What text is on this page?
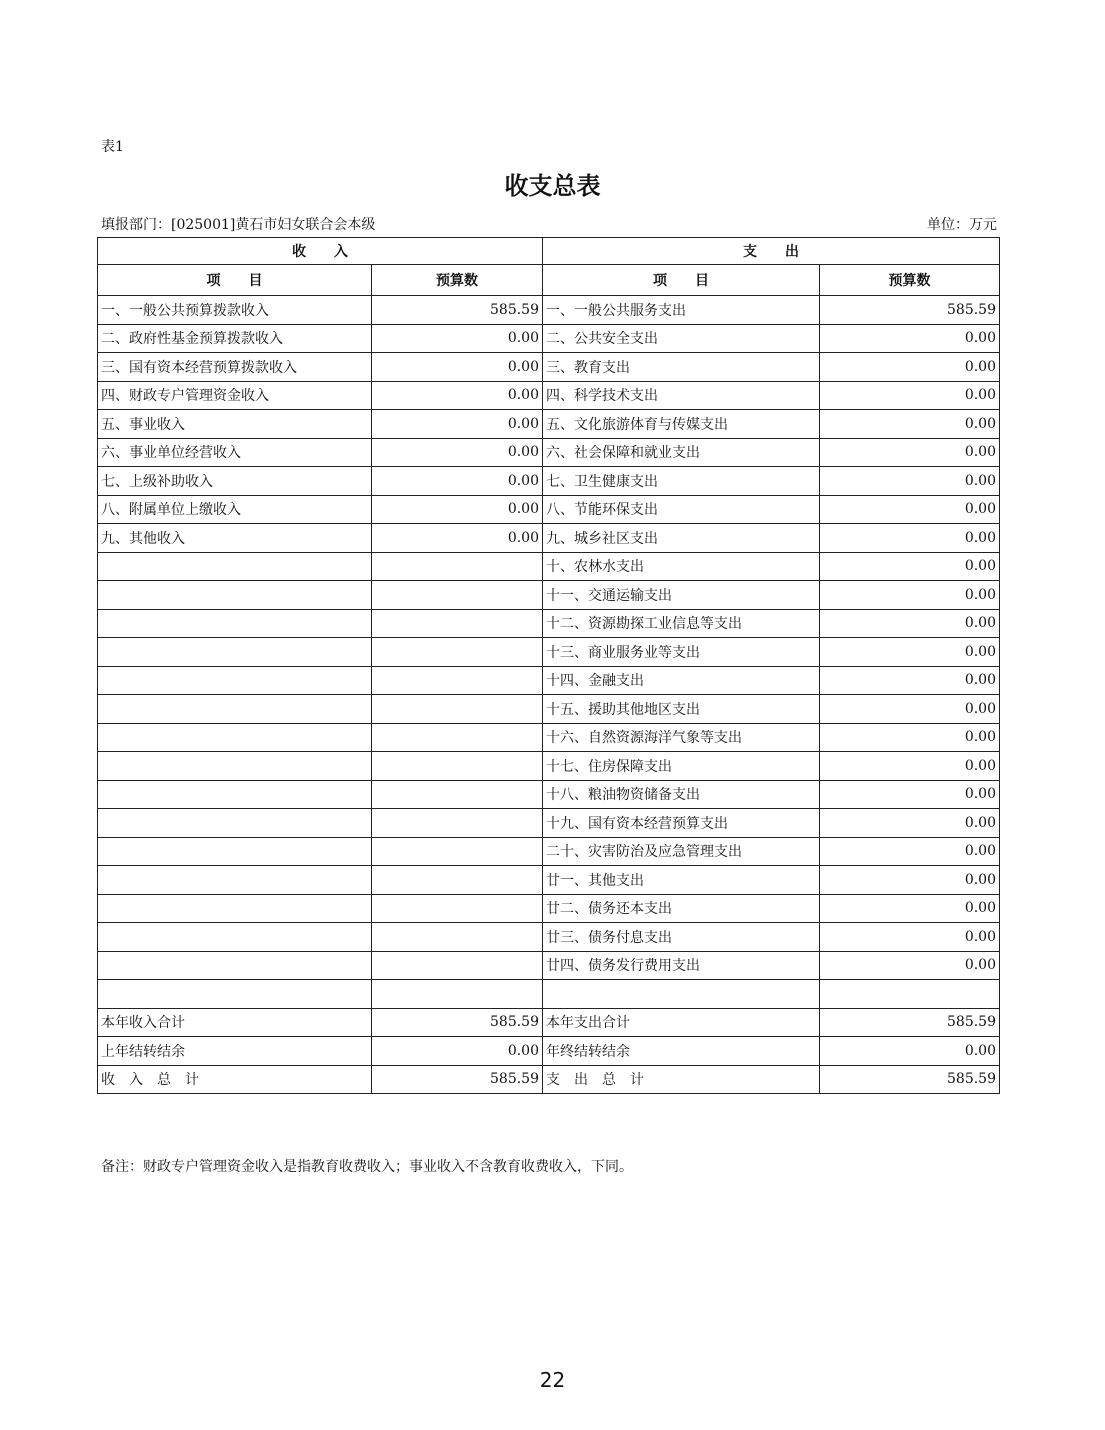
表1
收支总表
填报部门：[025001]黄石市妇女联合会本级	单位：万元
收　　入		支　　出	
项　　目	预算数	项　　目	预算数
一、一般公共预算拨款收入	585.59	一、一般公共服务支出	585.59
二、政府性基金预算拨款收入	0.00	二、公共安全支出	0.00
三、国有资本经营预算拨款收入	0.00	三、教育支出	0.00
四、财政专户管理资金收入	0.00	四、科学技术支出	0.00
五、事业收入	0.00	五、文化旅游体育与传媒支出	0.00
六、事业单位经营收入	0.00	六、社会保障和就业支出	0.00
七、上级补助收入	0.00	七、卫生健康支出	0.00
八、附属单位上缴收入	0.00	八、节能环保支出	0.00
九、其他收入	0.00	九、城乡社区支出	0.00
		十、农林水支出	0.00
		十一、交通运输支出	0.00
		十二、资源勘探工业信息等支出	0.00
		十三、商业服务业等支出	0.00
		十四、金融支出	0.00
		十五、援助其他地区支出	0.00
		十六、自然资源海洋气象等支出	0.00
		十七、住房保障支出	0.00
		十八、粮油物资储备支出	0.00
		十九、国有资本经营预算支出	0.00
		二十、灾害防治及应急管理支出	0.00
		廿一、其他支出	0.00
		廿二、债务还本支出	0.00
		廿三、债务付息支出	0.00
		廿四、债务发行费用支出	0.00

本年收入合计	585.59	本年支出合计	585.59
上年结转结余	0.00	年终结转结余	0.00
收　入　总　计	585.59	支　出　总　计	585.59
备注：财政专户管理资金收入是指教育收费收入；事业收入不含教育收费收入，下同。
22
